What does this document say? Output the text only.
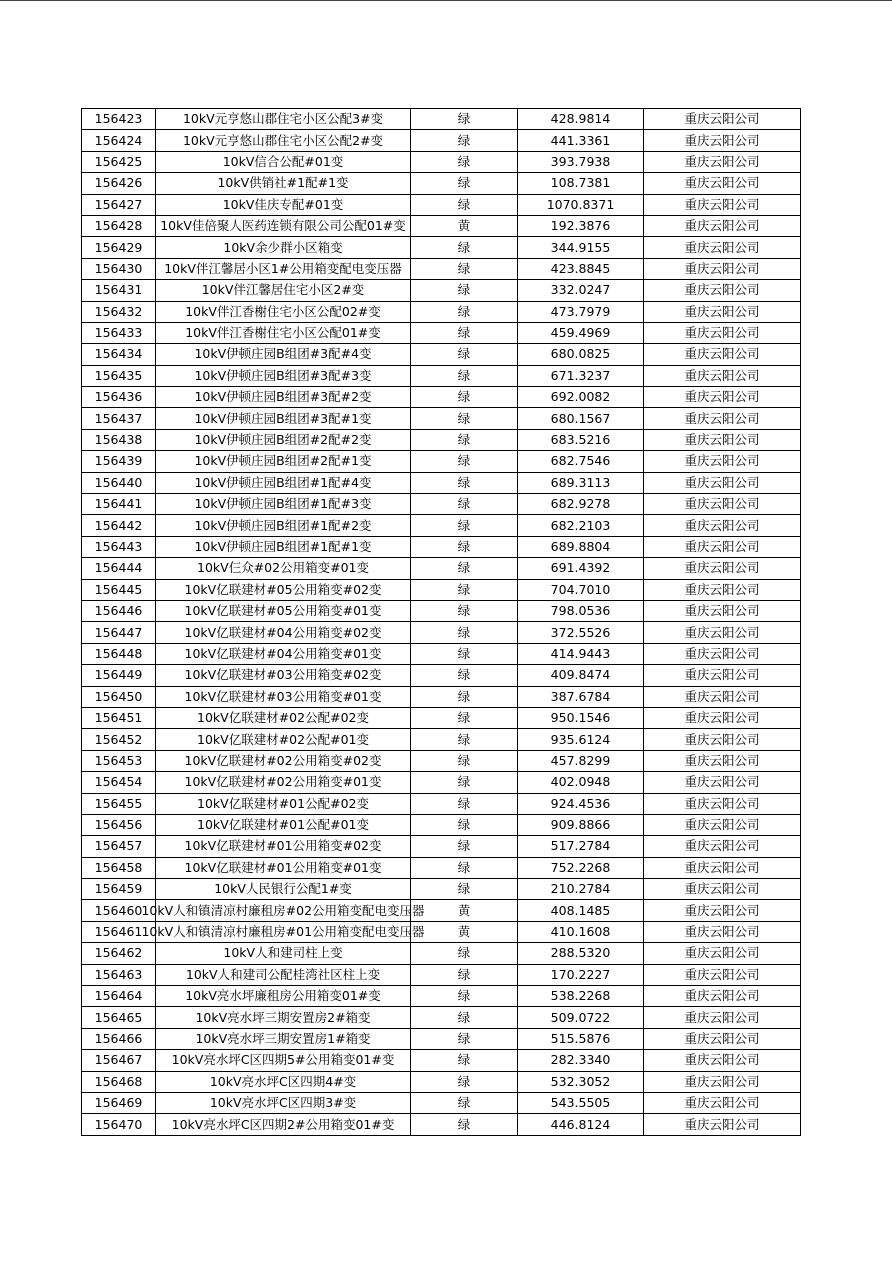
156423	10kV元亨悠山郡住宅小区公配3#变	绿	428.9814	重庆云阳公司

156424	10kV元亨悠山郡住宅小区公配2#变	绿	441.3361	重庆云阳公司

156425	10kV信合公配#01变	绿	393.7938	重庆云阳公司

156426	10kV供销社#1配#1变	绿	108.7381	重庆云阳公司

156427	10kV佳庆专配#01变	绿	1070.8371	重庆云阳公司

156428	10kV佳倍聚人医药连锁有限公司公配01#变	黄	192.3876	重庆云阳公司

156429	10kV余少群小区箱变	绿	344.9155	重庆云阳公司

156430	10kV伴江馨居小区1#公用箱变配电变压器	绿	423.8845	重庆云阳公司

156431	10kV伴江馨居住宅小区2#变	绿	332.0247	重庆云阳公司

156432	10kV伴江香榭住宅小区公配02#变	绿	473.7979	重庆云阳公司

156433	10kV伴江香榭住宅小区公配01#变	绿	459.4969	重庆云阳公司

156434	10kV伊顿庄园B组团#3配#4变	绿	680.0825	重庆云阳公司

156435	10kV伊顿庄园B组团#3配#3变	绿	671.3237	重庆云阳公司

156436	10kV伊顿庄园B组团#3配#2变	绿	692.0082	重庆云阳公司

156437	10kV伊顿庄园B组团#3配#1变	绿	680.1567	重庆云阳公司

156438	10kV伊顿庄园B组团#2配#2变	绿	683.5216	重庆云阳公司

156439	10kV伊顿庄园B组团#2配#1变	绿	682.7546	重庆云阳公司

156440	10kV伊顿庄园B组团#1配#4变	绿	689.3113	重庆云阳公司

156441	10kV伊顿庄园B组团#1配#3变	绿	682.9278	重庆云阳公司

156442	10kV伊顿庄园B组团#1配#2变	绿	682.2103	重庆云阳公司

156443	10kV伊顿庄园B组团#1配#1变	绿	689.8804	重庆云阳公司

156444	10kV仨众#02公用箱变#01变	绿	691.4392	重庆云阳公司

156445	10kV亿联建材#05公用箱变#02变	绿	704.7010	重庆云阳公司

156446	10kV亿联建材#05公用箱变#01变	绿	798.0536	重庆云阳公司

156447	10kV亿联建材#04公用箱变#02变	绿	372.5526	重庆云阳公司

156448	10kV亿联建材#04公用箱变#01变	绿	414.9443	重庆云阳公司

156449	10kV亿联建材#03公用箱变#02变	绿	409.8474	重庆云阳公司

156450	10kV亿联建材#03公用箱变#01变	绿	387.6784	重庆云阳公司

156451	10kV亿联建材#02公配#02变	绿	950.1546	重庆云阳公司

156452	10kV亿联建材#02公配#01变	绿	935.6124	重庆云阳公司

156453	10kV亿联建材#02公用箱变#02变	绿	457.8299	重庆云阳公司

156454	10kV亿联建材#02公用箱变#01变	绿	402.0948	重庆云阳公司

156455	10kV亿联建材#01公配#02变	绿	924.4536	重庆云阳公司

156456	10kV亿联建材#01公配#01变	绿	909.8866	重庆云阳公司

156457	10kV亿联建材#01公用箱变#02变	绿	517.2784	重庆云阳公司

156458	10kV亿联建材#01公用箱变#01变	绿	752.2268	重庆云阳公司

156459	10kV人民银行公配1#变	绿	210.2784	重庆云阳公司

156460	10kV人和镇清凉村廉租房#02公用箱变配电变压器	黄	408.1485	重庆云阳公司

156461	10kV人和镇清凉村廉租房#01公用箱变配电变压器	黄	410.1608	重庆云阳公司

156462	10kV人和建司柱上变	绿	288.5320	重庆云阳公司

156463	10kV人和建司公配桂湾社区柱上变	绿	170.2227	重庆云阳公司

156464	10kV亮水坪廉租房公用箱变01#变	绿	538.2268	重庆云阳公司

156465	10kV亮水坪三期安置房2#箱变	绿	509.0722	重庆云阳公司

156466	10kV亮水坪三期安置房1#箱变	绿	515.5876	重庆云阳公司

156467	10kV亮水坪C区四期5#公用箱变01#变	绿	282.3340	重庆云阳公司

156468	10kV亮水坪C区四期4#变	绿	532.3052	重庆云阳公司

156469	10kV亮水坪C区四期3#变	绿	543.5505	重庆云阳公司

156470	10kV亮水坪C区四期2#公用箱变01#变	绿	446.8124	重庆云阳公司
